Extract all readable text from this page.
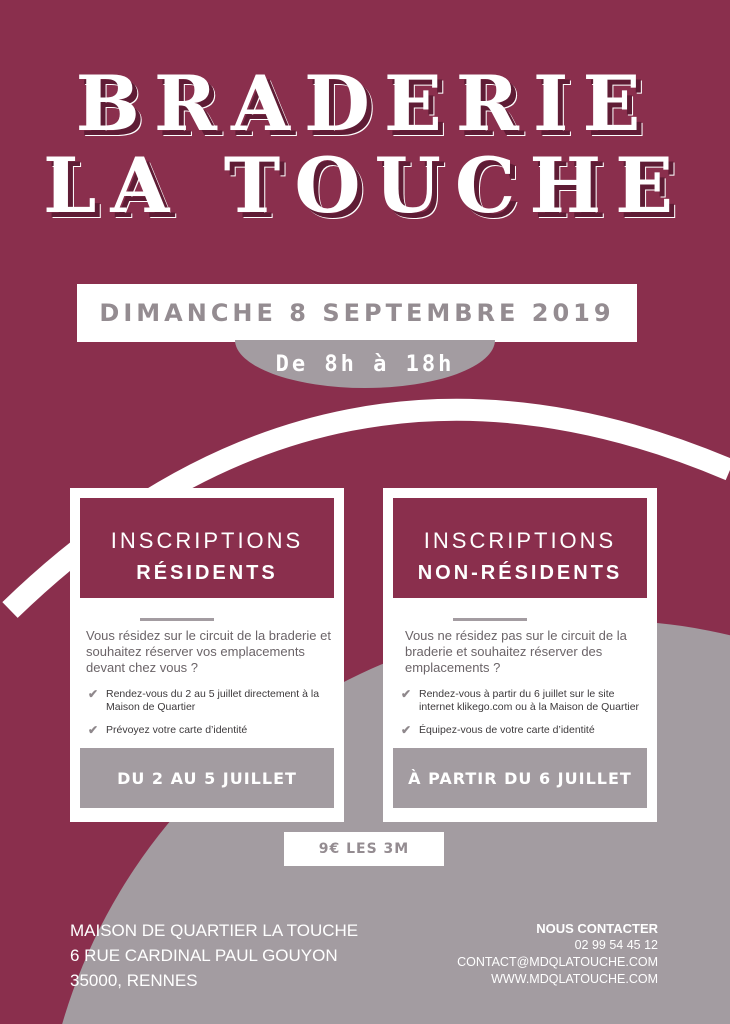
BRADERIE
LA TOUCHE
DIMANCHE 8 SEPTEMBRE 2019
De 8h à 18h
INSCRIPTIONS
RÉSIDENTS
Vous résidez sur le circuit de la braderie et souhaitez réserver vos emplacements devant chez vous ?
✔ Rendez-vous du 2 au 5 juillet directement à la Maison de Quartier
✔ Prévoyez votre carte d’identité
DU 2 AU 5 JUILLET
INSCRIPTIONS
NON-RÉSIDENTS
Vous ne résidez pas sur le circuit de la braderie et souhaitez réserver des emplacements ?
✔ Rendez-vous à partir du 6 juillet sur le site internet klikego.com ou à la Maison de Quartier
✔ Équipez-vous de votre carte d’identité
À PARTIR DU 6 JUILLET
9€ LES 3M
MAISON DE QUARTIER LA TOUCHE
6 RUE CARDINAL PAUL GOUYON
35000, RENNES
NOUS CONTACTER
02 99 54 45 12
CONTACT@MDQLATOUCHE.COM
WWW.MDQLATOUCHE.COM
